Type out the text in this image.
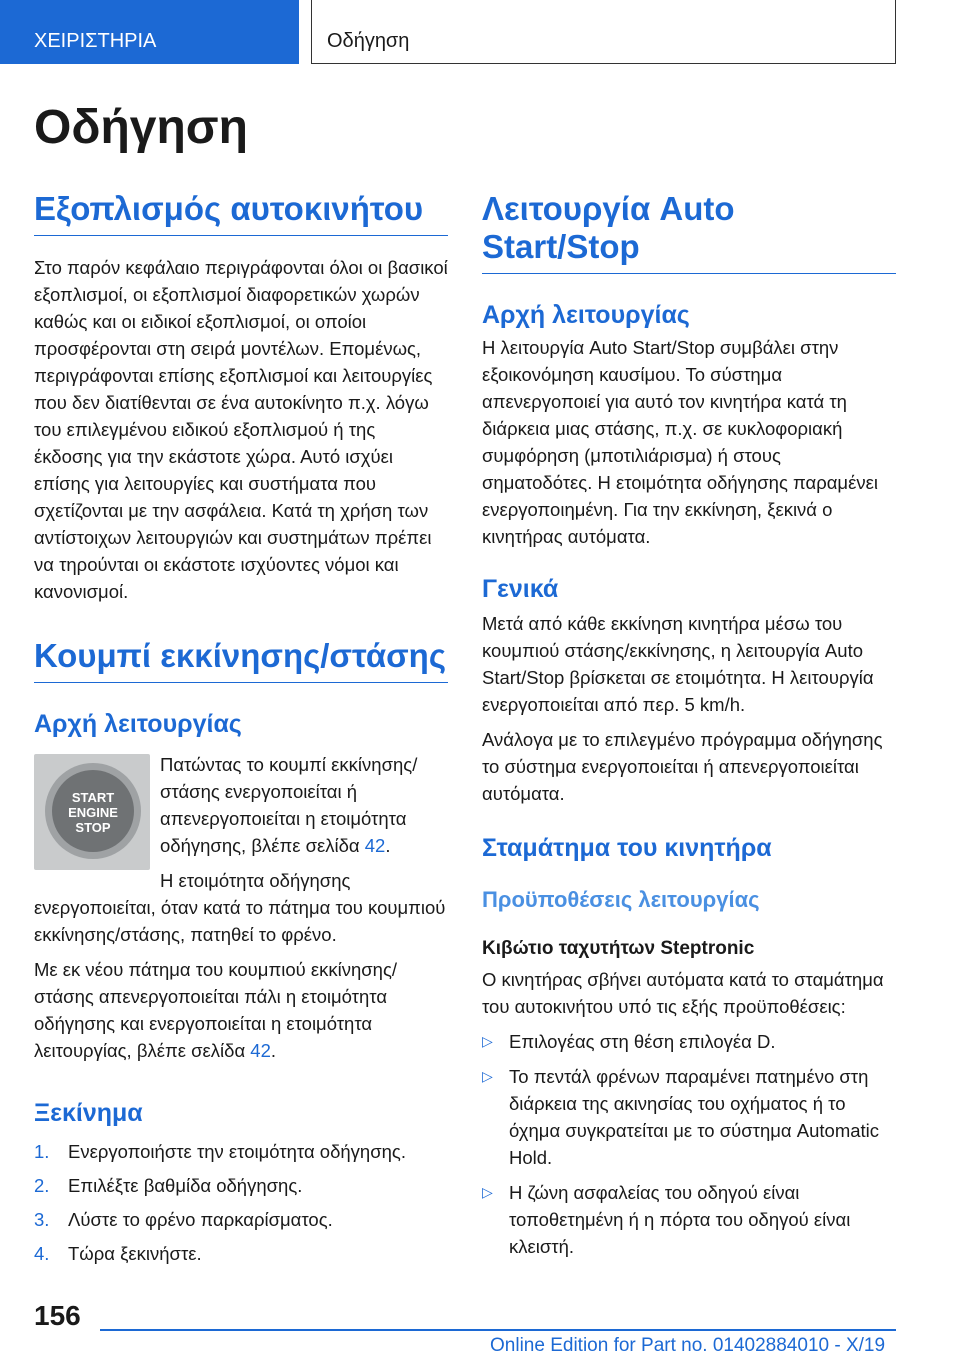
ΧΕΙΡΙΣΤΗΡΙΑ	Οδήγηση
Οδήγηση
Εξοπλισμός αυτοκινήτου

Στο παρόν κεφάλαιο περιγράφονται όλοι οι βασικοί εξοπλισμοί, οι εξοπλισμοί διαφορετικών χωρών καθώς και οι ειδικοί εξοπλισμοί, οι οποίοι προσφέρονται στη σειρά μοντέλων. Επομένως, περιγράφονται επίσης εξοπλισμοί και λειτουργίες που δεν διατίθενται σε ένα αυτοκίνητο π.χ. λόγω του επιλεγμένου ειδικού εξοπλισμού ή της έκδοσης για την εκάστοτε χώρα. Αυτό ισχύει επίσης για λειτουργίες και συστήματα που σχετίζονται με την ασφάλεια. Κατά τη χρήση των αντίστοιχων λειτουργιών και συστημάτων πρέπει να τηρούνται οι εκάστοτε ισχύοντες νόμοι και κανονισμοί.

Κουμπί εκκίνησης/στάσης
Αρχή λειτουργίας
START
ENGINE
STOP

Πατώντας το κουμπί εκκίνησης/στάσης ενεργοποιείται ή απενεργοποιείται η ετοιμότητα οδήγησης, βλέπε σελίδα 42.

Η ετοιμότητα οδήγησης ενεργοποιείται, όταν κατά το πάτημα του κουμπιού εκκίνησης/στάσης, πατηθεί το φρένο.

Με εκ νέου πάτημα του κουμπιού εκκίνησης/στάσης απενεργοποιείται πάλι η ετοιμότητα οδήγησης και ενεργοποιείται η ετοιμότητα λειτουργίας, βλέπε σελίδα 42.

Ξεκίνημα
1. Ενεργοποιήστε την ετοιμότητα οδήγησης.
2. Επιλέξτε βαθμίδα οδήγησης.
3. Λύστε το φρένο παρκαρίσματος.
4. Τώρα ξεκινήστε.
Λειτουργία Auto Start/Stop
Αρχή λειτουργίας

Η λειτουργία Auto Start/Stop συμβάλει στην εξοικονόμηση καυσίμου. Το σύστημα απενεργοποιεί για αυτό τον κινητήρα κατά τη διάρκεια μιας στάσης, π.χ. σε κυκλοφοριακή συμφόρηση (μποτιλιάρισμα) ή στους σηματοδότες. Η ετοιμότητα οδήγησης παραμένει ενεργοποιημένη. Για την εκκίνηση, ξεκινά ο κινητήρας αυτόματα.

Γενικά

Μετά από κάθε εκκίνηση κινητήρα μέσω του κουμπιού στάσης/εκκίνησης, η λειτουργία Auto Start/Stop βρίσκεται σε ετοιμότητα. Η λειτουργία ενεργοποιείται από περ. 5 km/h.

Ανάλογα με το επιλεγμένο πρόγραμμα οδήγησης το σύστημα ενεργοποιείται ή απενεργοποιείται αυτόματα.

Σταμάτημα του κινητήρα
Προϋποθέσεις λειτουργίας
Κιβώτιο ταχυτήτων Steptronic

Ο κινητήρας σβήνει αυτόματα κατά το σταμάτημα του αυτοκινήτου υπό τις εξής προϋποθέσεις:

▷ Επιλογέας στη θέση επιλογέα D.
▷ Το πεντάλ φρένων παραμένει πατημένο στη διάρκεια της ακινησίας του οχήματος ή το όχημα συγκρατείται με το σύστημα Automatic Hold.
▷ Η ζώνη ασφαλείας του οδηγού είναι τοποθετημένη ή η πόρτα του οδηγού είναι κλειστή.
156
Online Edition for Part no. 01402884010 - X/19
